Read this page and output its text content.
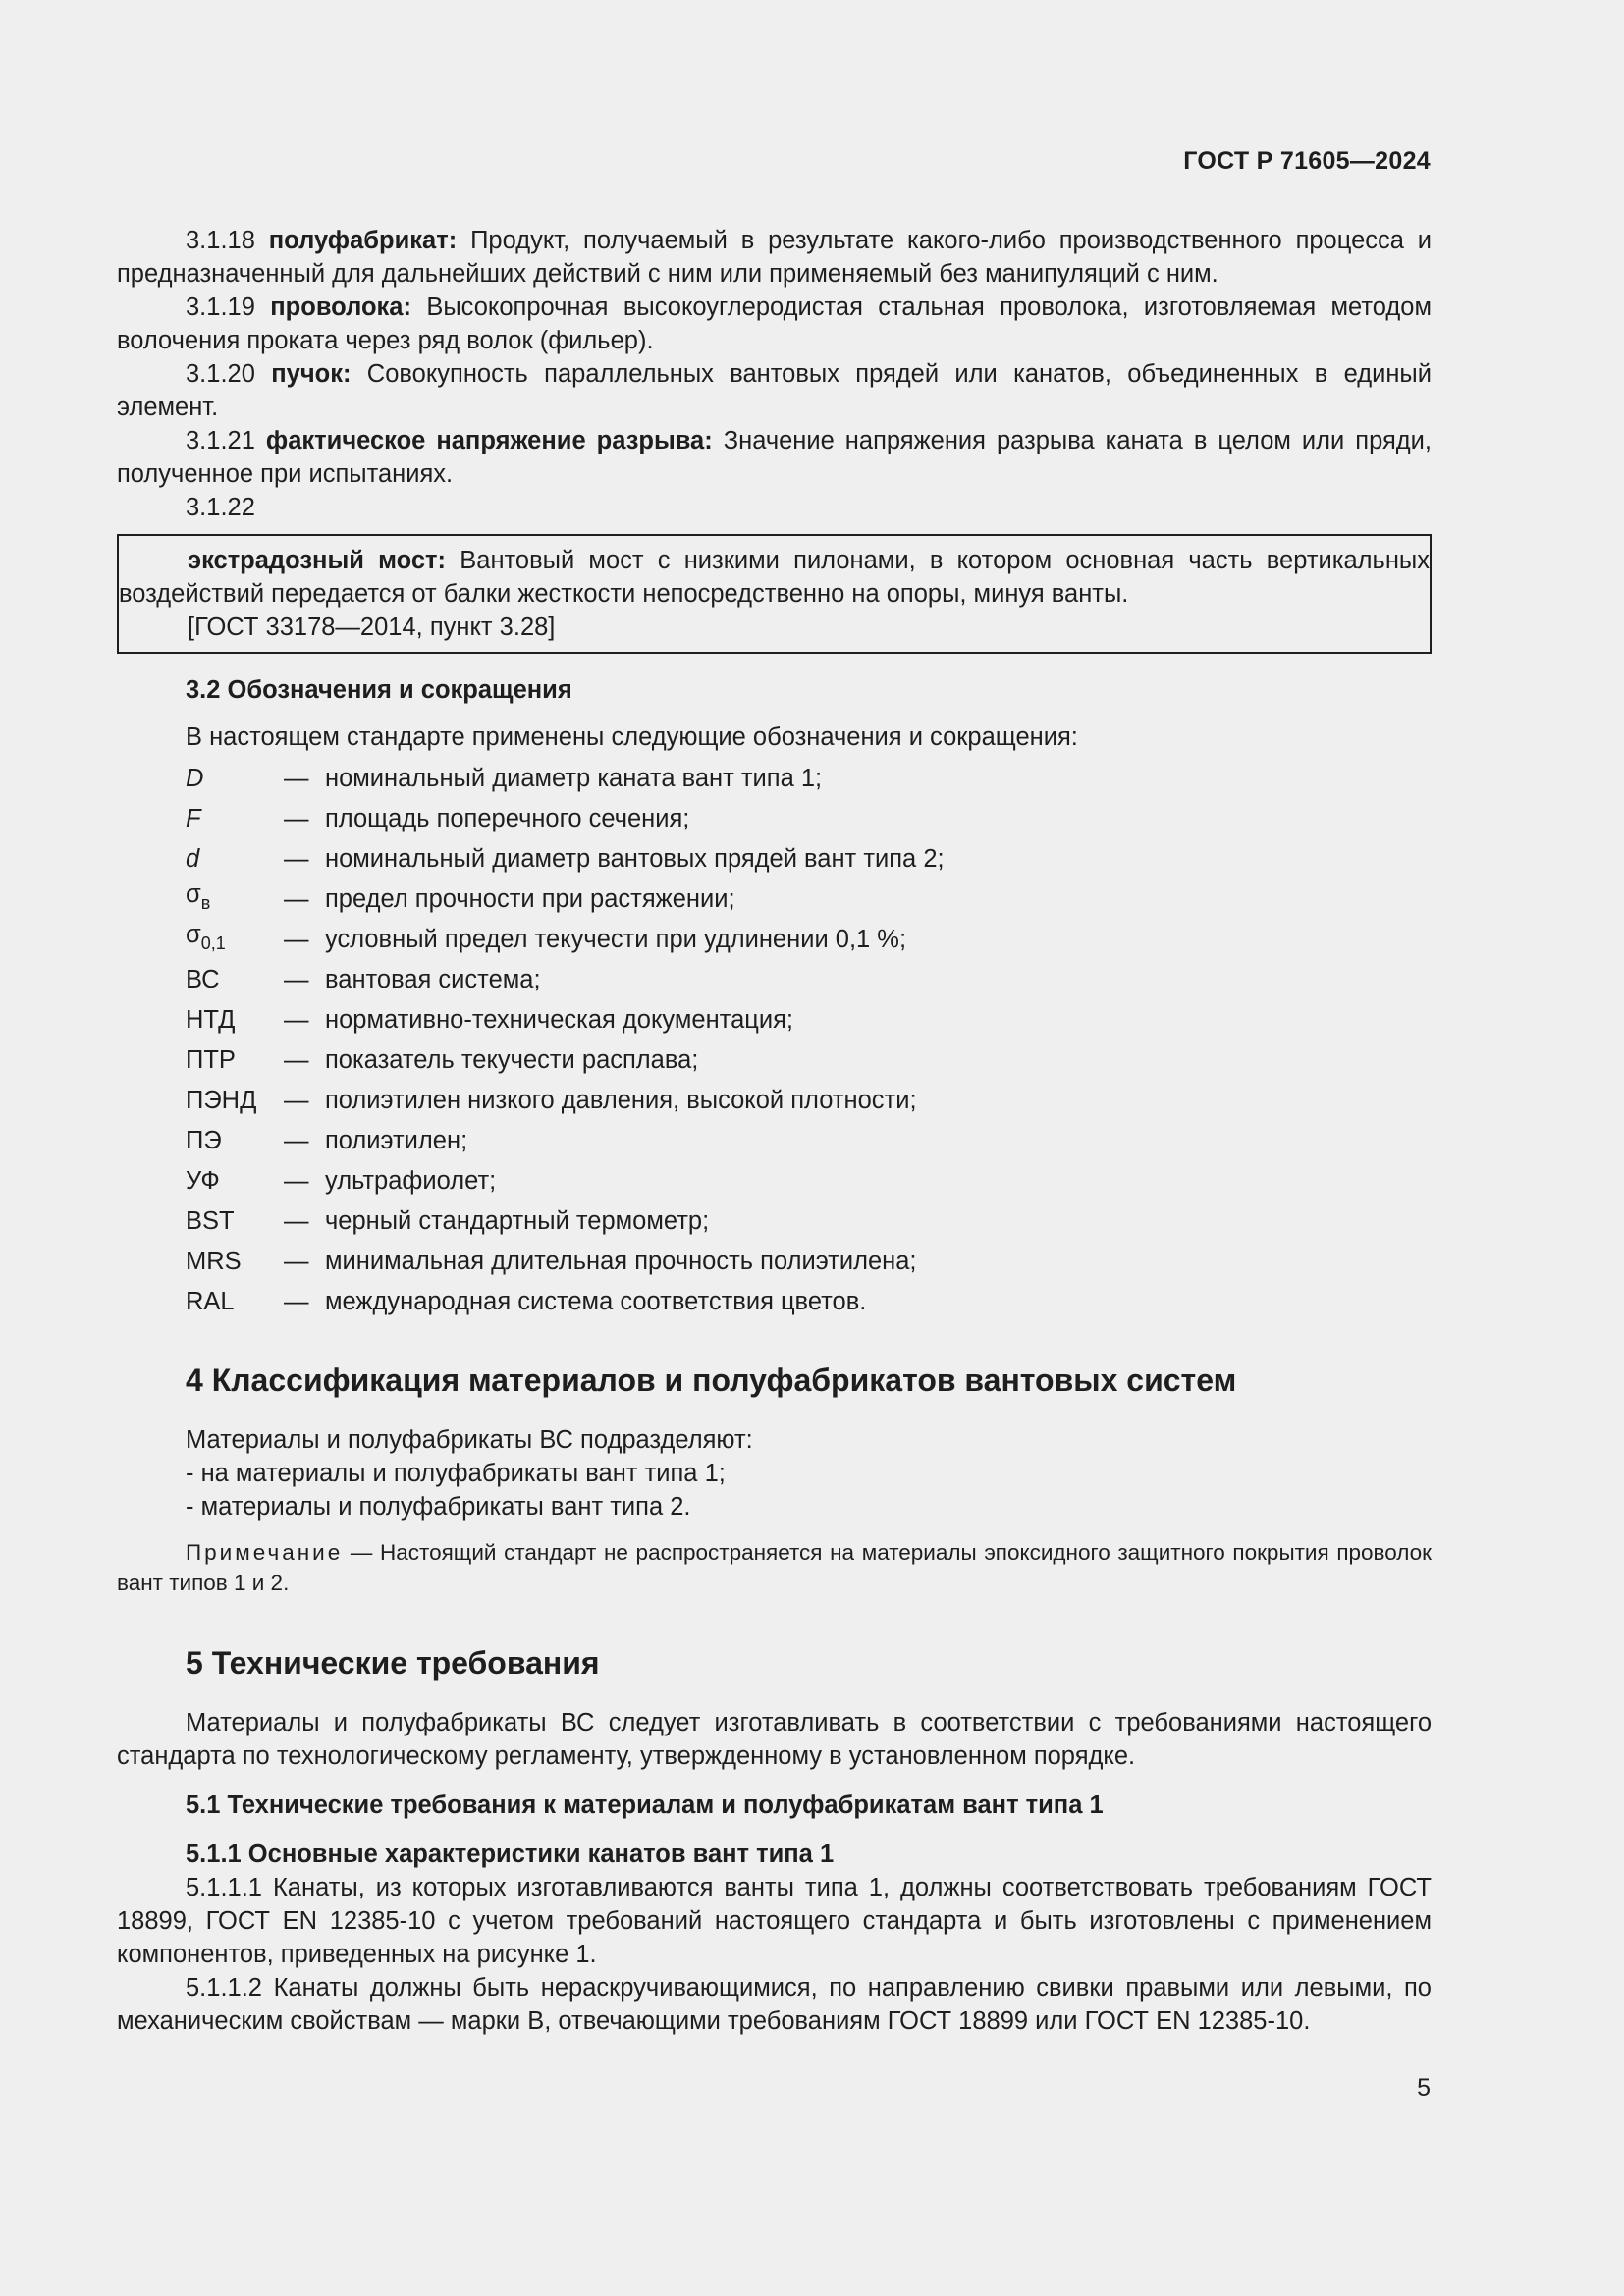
ГОСТ Р 71605—2024

3.1.18 полуфабрикат: Продукт, получаемый в результате какого-либо производственного процесса и предназначенный для дальнейших действий с ним или применяемый без манипуляций с ним.

3.1.19 проволока: Высокопрочная высокоуглеродистая стальная проволока, изготовляемая методом волочения проката через ряд волок (фильер).

3.1.20 пучок: Совокупность параллельных вантовых прядей или канатов, объединенных в единый элемент.

3.1.21 фактическое напряжение разрыва: Значение напряжения разрыва каната в целом или пряди, полученное при испытаниях.

3.1.22

экстрадозный мост: Вантовый мост с низкими пилонами, в котором основная часть вертикальных воздействий передается от балки жесткости непосредственно на опоры, минуя ванты.

[ГОСТ 33178—2014, пункт 3.28]

3.2 Обозначения и сокращения

В настоящем стандарте применены следующие обозначения и сокращения:

D	— номинальный диаметр каната вант типа 1;
F	— площадь поперечного сечения;
d	— номинальный диаметр вантовых прядей вант типа 2;
$\sigma_в$	— предел прочности при растяжении;
$\sigma_{0,1}$	— условный предел текучести при удлинении 0,1 %;
ВС	— вантовая система;
НТД	— нормативно-техническая документация;
ПТР	— показатель текучести расплава;
ПЭНД	— полиэтилен низкого давления, высокой плотности;
ПЭ	— полиэтилен;
УФ	— ультрафиолет;
BST	— черный стандартный термометр;
MRS	— минимальная длительная прочность полиэтилена;
RAL	— международная система соответствия цветов.

4 Классификация материалов и полуфабрикатов вантовых систем

Материалы и полуфабрикаты ВС подразделяют:

- на материалы и полуфабрикаты вант типа 1;

- материалы и полуфабрикаты вант типа 2.

Примечание — Настоящий стандарт не распространяется на материалы эпоксидного защитного покрытия проволок вант типов 1 и 2.

5 Технические требования

Материалы и полуфабрикаты ВС следует изготавливать в соответствии с требованиями настоящего стандарта по технологическому регламенту, утвержденному в установленном порядке.

5.1 Технические требования к материалам и полуфабрикатам вант типа 1

5.1.1 Основные характеристики канатов вант типа 1

5.1.1.1 Канаты, из которых изготавливаются ванты типа 1, должны соответствовать требованиям ГОСТ 18899, ГОСТ EN 12385-10 с учетом требований настоящего стандарта и быть изготовлены с применением компонентов, приведенных на рисунке 1.

5.1.1.2 Канаты должны быть нераскручивающимися, по направлению свивки правыми или левыми, по механическим свойствам — марки В, отвечающими требованиям ГОСТ 18899 или ГОСТ EN 12385-10.

5
